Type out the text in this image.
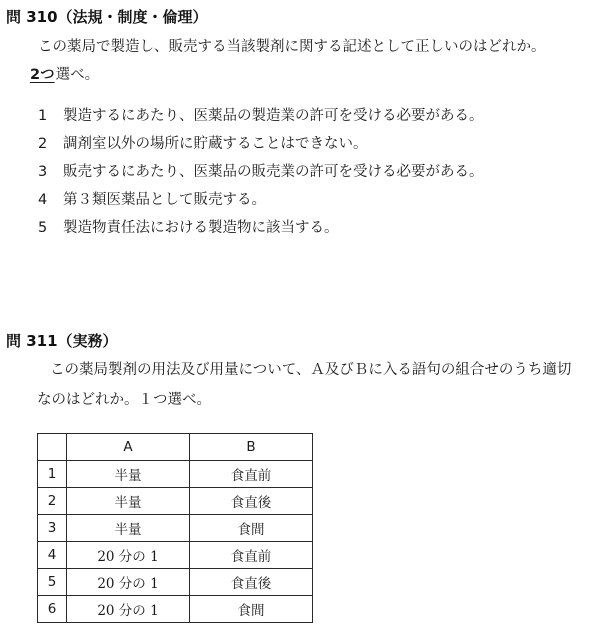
問 310（法規・制度・倫理）
この薬局で製造し、販売する当該製剤に関する記述として正しいのはどれか。
2つ選べ。
1 製造するにあたり、医薬品の製造業の許可を受ける必要がある。
2 調剤室以外の場所に貯蔵することはできない。
3 販売するにあたり、医薬品の販売業の許可を受ける必要がある。
4 第３類医薬品として販売する。
5 製造物責任法における製造物に該当する。
問 311（実務）
この薬局製剤の用法及び用量について、Ａ及びＢに入る語句の組合せのうち適切
なのはどれか。１つ選べ。
	A	B
1	半量	食直前
2	半量	食直後
3	半量	食間
4	20 分の 1	食直前
5	20 分の 1	食直後
6	20 分の 1	食間
